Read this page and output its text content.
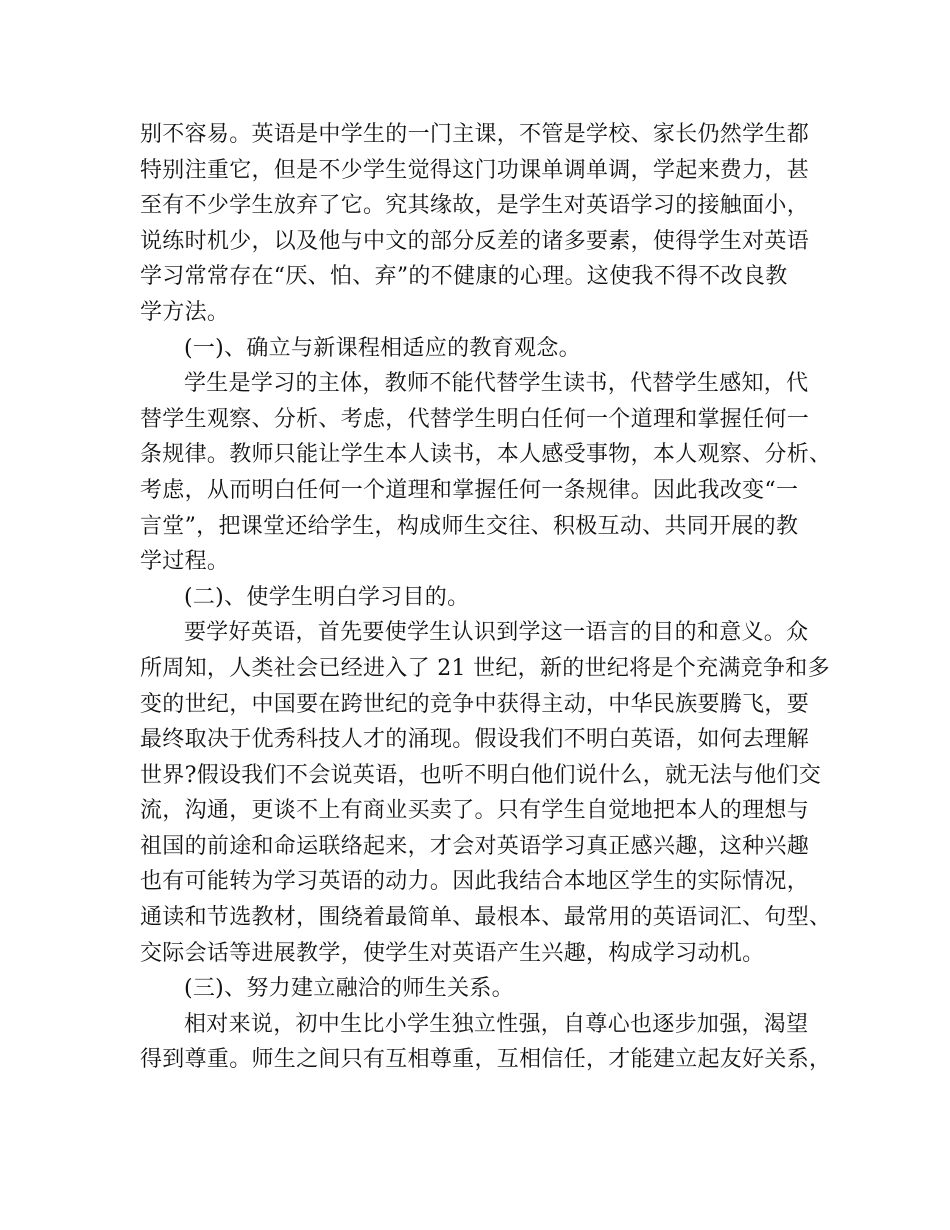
别不容易。英语是中学生的一门主课，不管是学校、家长仍然学生都
特别注重它，但是不少学生觉得这门功课单调单调，学起来费力，甚
至有不少学生放弃了它。究其缘故，是学生对英语学习的接触面小，
说练时机少，以及他与中文的部分反差的诸多要素，使得学生对英语
学习常常存在“厌、怕、弃”的不健康的心理。这使我不得不改良教
学方法。
(一)、确立与新课程相适应的教育观念。
学生是学习的主体，教师不能代替学生读书，代替学生感知，代
替学生观察、分析、考虑，代替学生明白任何一个道理和掌握任何一
条规律。教师只能让学生本人读书，本人感受事物，本人观察、分析、
考虑，从而明白任何一个道理和掌握任何一条规律。因此我改变“一
言堂”，把课堂还给学生，构成师生交往、积极互动、共同开展的教
学过程。
(二)、使学生明白学习目的。
要学好英语，首先要使学生认识到学这一语言的目的和意义。众
所周知，人类社会已经进入了 21 世纪，新的世纪将是个充满竞争和多
变的世纪，中国要在跨世纪的竞争中获得主动，中华民族要腾飞，要
最终取决于优秀科技人才的涌现。假设我们不明白英语，如何去理解
世界?假设我们不会说英语，也听不明白他们说什么，就无法与他们交
流，沟通，更谈不上有商业买卖了。只有学生自觉地把本人的理想与
祖国的前途和命运联络起来，才会对英语学习真正感兴趣，这种兴趣
也有可能转为学习英语的动力。因此我结合本地区学生的实际情况，
通读和节选教材，围绕着最简单、最根本、最常用的英语词汇、句型、
交际会话等进展教学，使学生对英语产生兴趣，构成学习动机。
(三)、努力建立融洽的师生关系。
相对来说，初中生比小学生独立性强，自尊心也逐步加强，渴望
得到尊重。师生之间只有互相尊重，互相信任，才能建立起友好关系，
